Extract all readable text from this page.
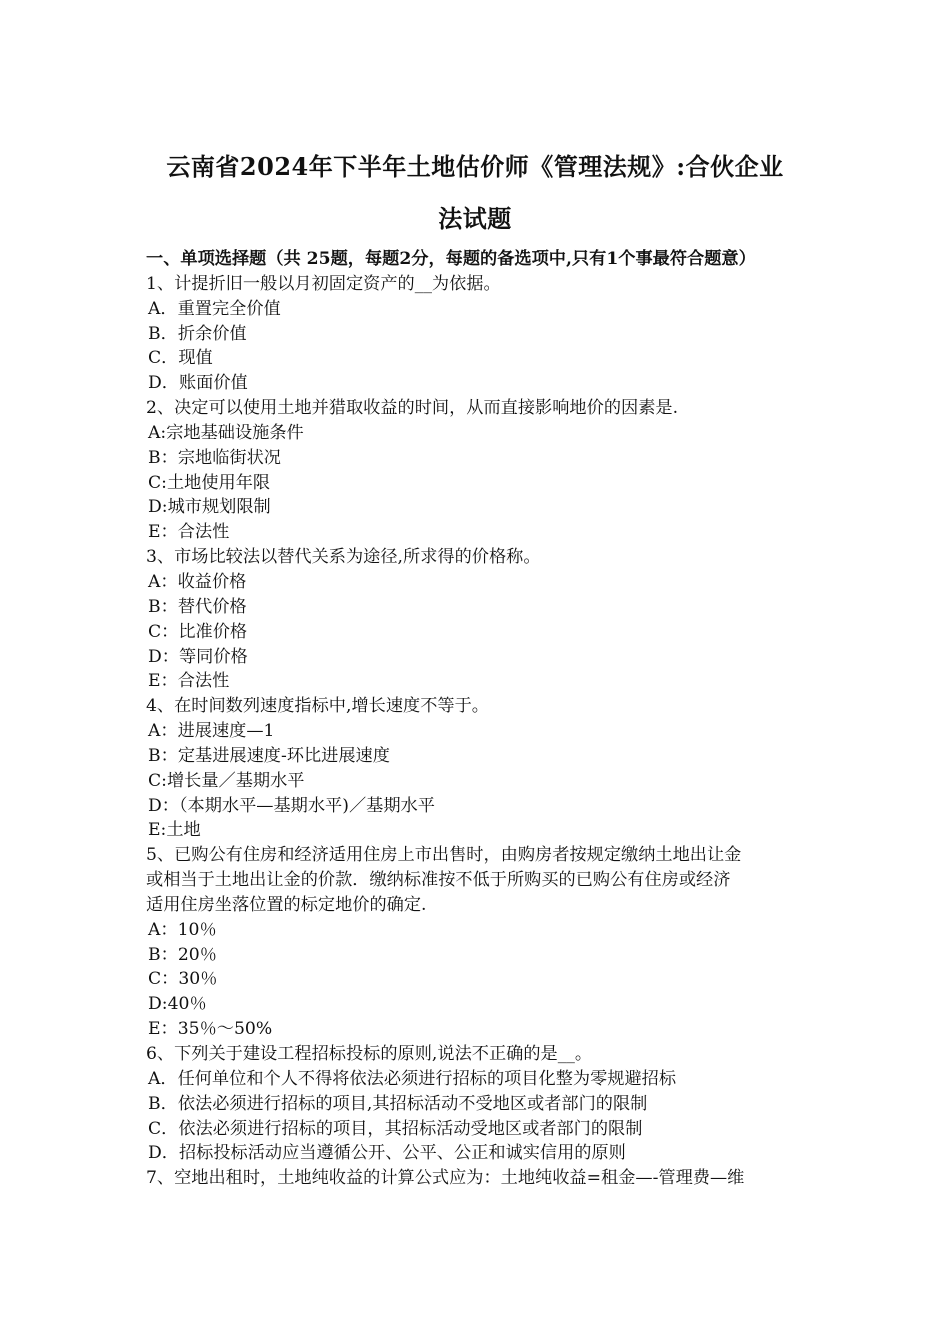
云南省2024年下半年土地估价师《管理法规》:合伙企业
法试题
一、单项选择题（共 25题，每题2分，每题的备选项中,只有1个事最符合题意）
1、计提折旧一般以月初固定资产的__为依据。
A．重置完全价值
B．折余价值
C．现值
D．账面价值
2、决定可以使用土地并猎取收益的时间，从而直接影响地价的因素是.
A:宗地基础设施条件
B：宗地临街状况
C:土地使用年限
D:城市规划限制
E：合法性
3、市场比较法以替代关系为途径,所求得的价格称。
A：收益价格
B：替代价格
C：比准价格
D：等同价格
E：合法性
4、在时间数列速度指标中,增长速度不等于。
A：进展速度—1
B：定基进展速度-环比进展速度
C:增长量／基期水平
D：（本期水平—基期水平)／基期水平
E:土地
5、已购公有住房和经济适用住房上市出售时，由购房者按规定缴纳土地出让金
或相当于土地出让金的价款．缴纳标准按不低于所购买的已购公有住房或经济
适用住房坐落位置的标定地价的确定.
A：10％
B：20％
C：30％
D:40％
E：35％～50%
6、下列关于建设工程招标投标的原则,说法不正确的是__。
A．任何单位和个人不得将依法必须进行招标的项目化整为零规避招标
B．依法必须进行招标的项目,其招标活动不受地区或者部门的限制
C．依法必须进行招标的项目，其招标活动受地区或者部门的限制
D．招标投标活动应当遵循公开、公平、公正和诚实信用的原则
7、空地出租时，土地纯收益的计算公式应为：土地纯收益=租金—-管理费—维
